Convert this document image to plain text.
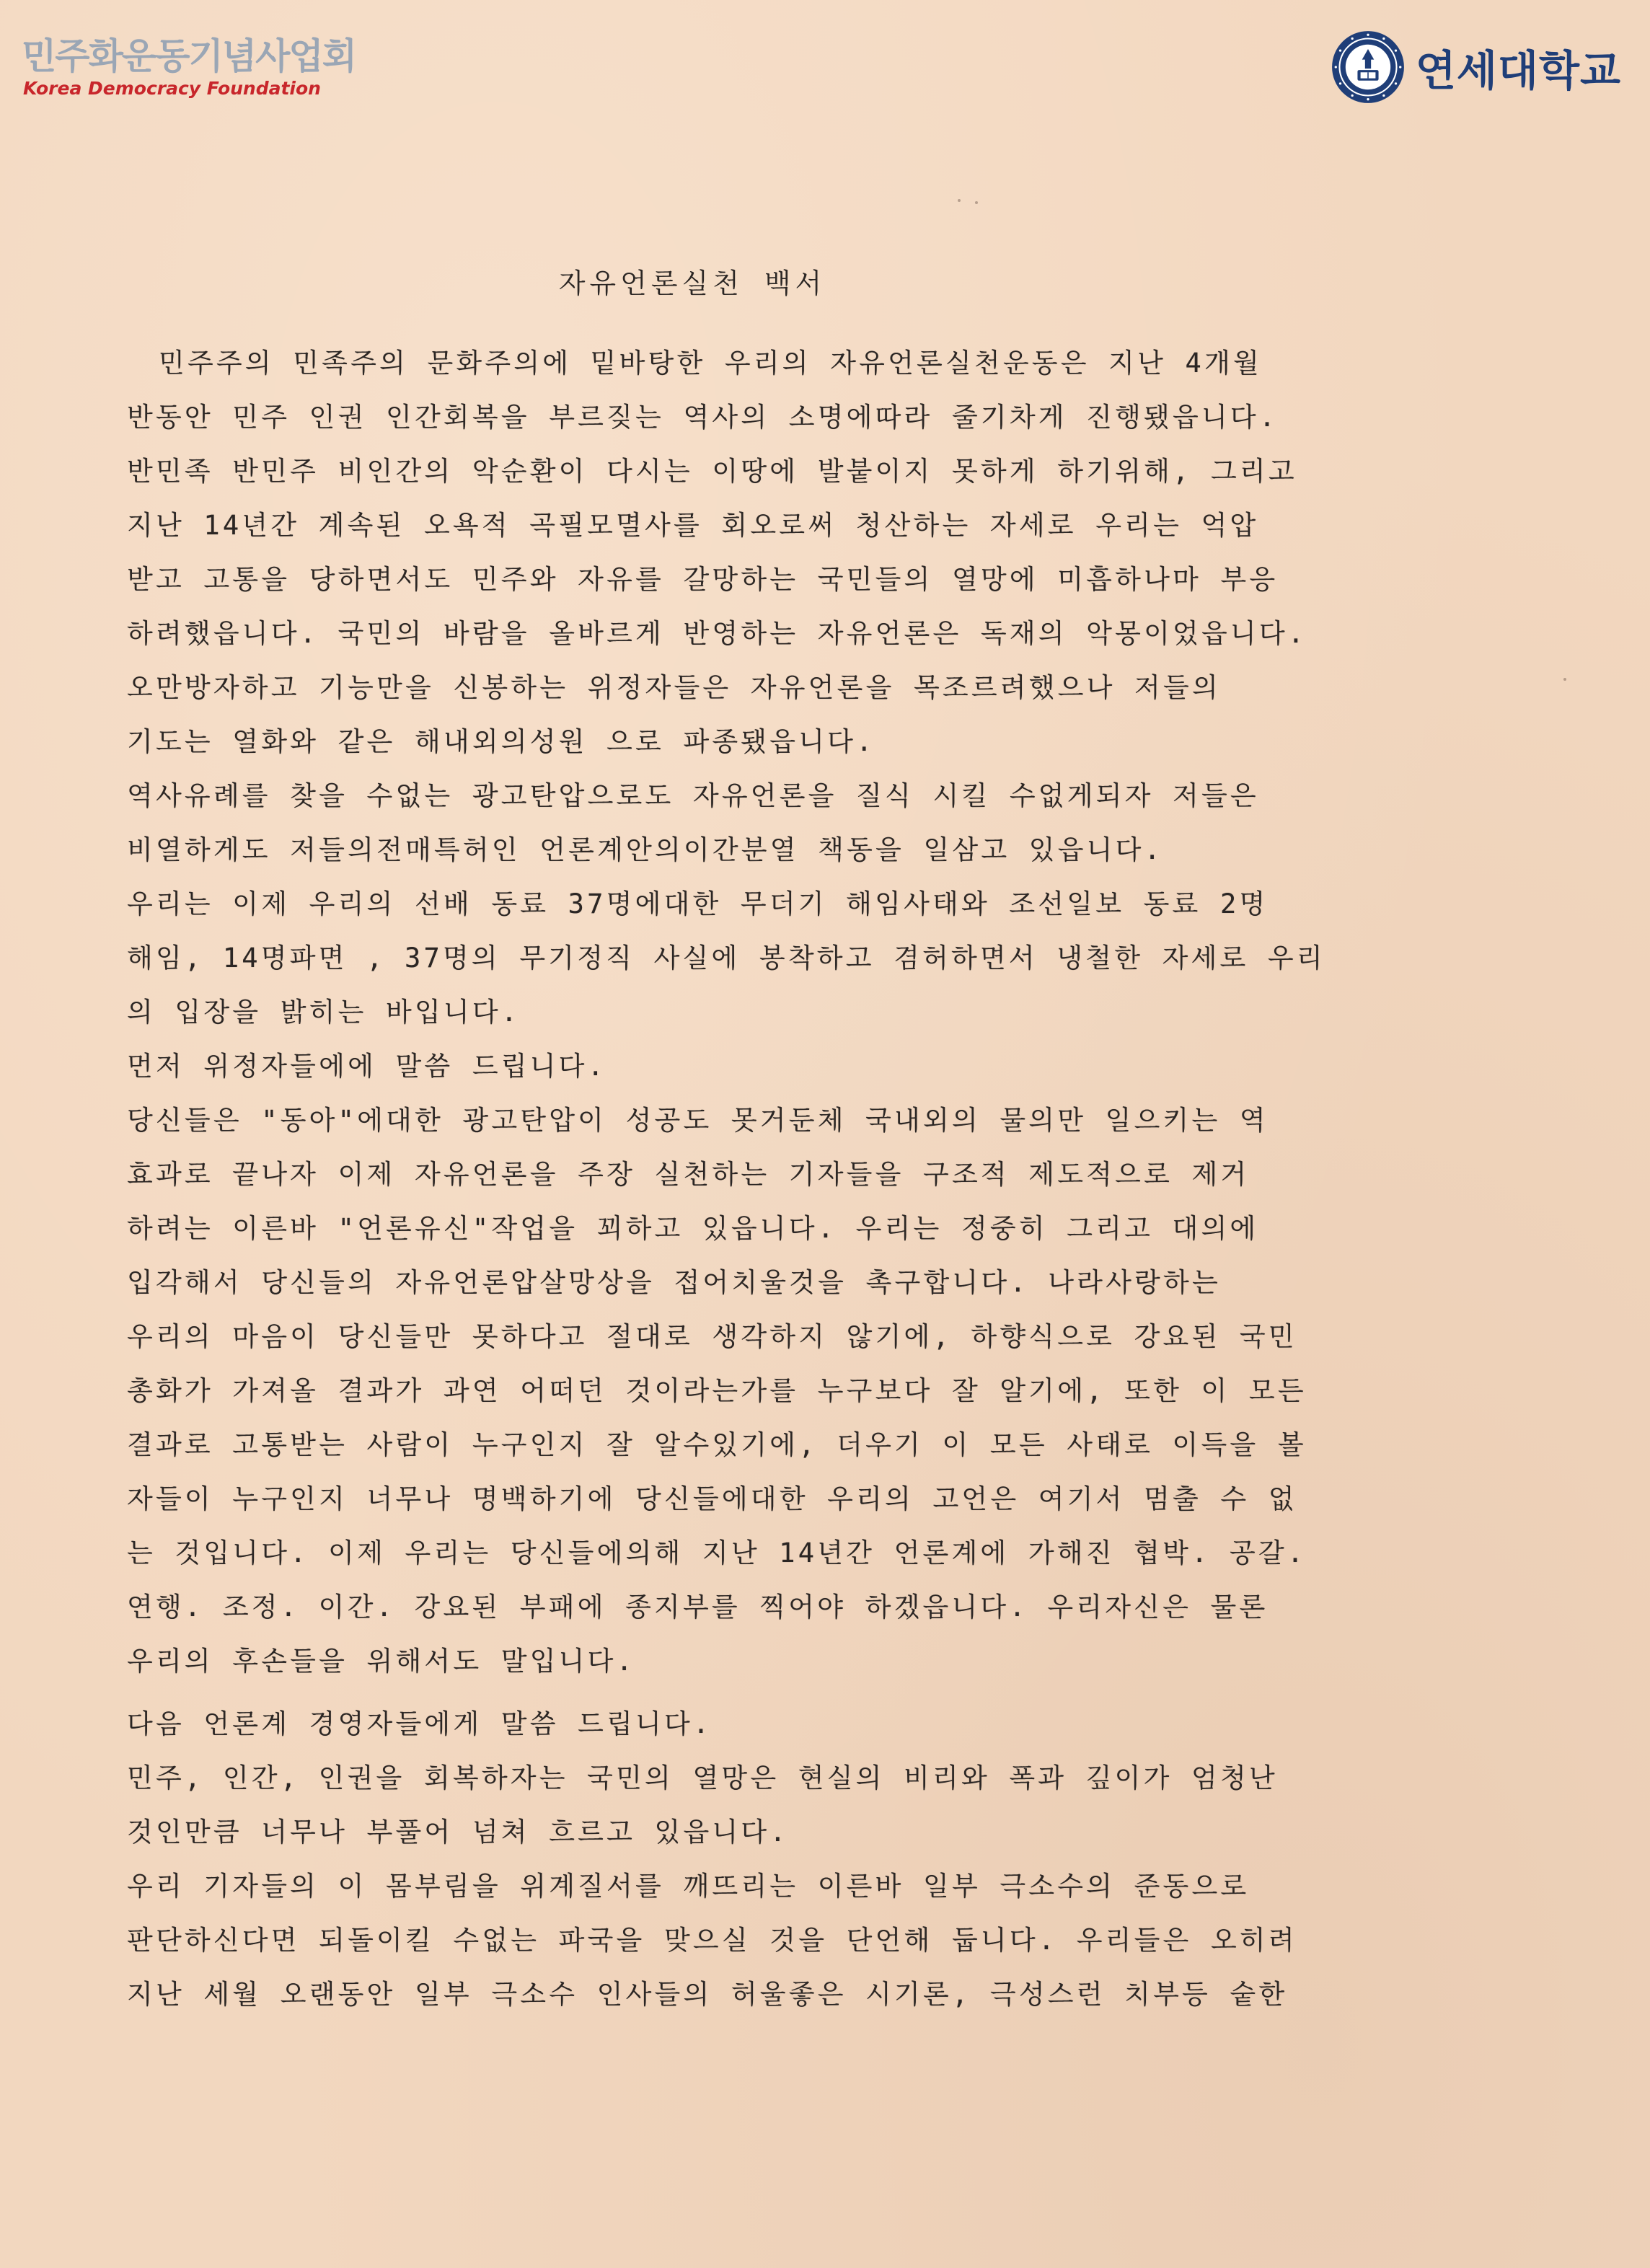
민주화운동기념사업회
Korea Democracy Foundation	연세대학교
자유언론실천 백서
민주주의 민족주의 문화주의에 밑바탕한 우리의 자유언론실천운동은 지난 4개월
반동안 민주 인권 인간회복을 부르짖는 역사의 소명에따라 줄기차게 진행됐읍니다.
반민족 반민주 비인간의 악순환이 다시는 이땅에 발붙이지 못하게 하기위해, 그리고
지난 14년간 계속된 오욕적 곡필모멸사를 회오로써 청산하는 자세로 우리는 억압
받고 고통을 당하면서도 민주와 자유를 갈망하는 국민들의 열망에 미흡하나마 부응
하려했읍니다. 국민의 바람을 올바르게 반영하는 자유언론은 독재의 악몽이었읍니다.
오만방자하고 기능만을 신봉하는 위정자들은 자유언론을 목조르려했으나 저들의
기도는 열화와 같은 해내외의성원 으로 파종됐읍니다.
역사유례를 찾을 수없는 광고탄압으로도 자유언론을 질식 시킬 수없게되자 저들은
비열하게도 저들의전매특허인 언론계안의이간분열 책동을 일삼고 있읍니다.
우리는 이제 우리의 선배 동료 37명에대한 무더기 해임사태와 조선일보 동료 2명
해임, 14명파면 , 37명의 무기정직 사실에 봉착하고 겸허하면서 냉철한 자세로 우리
의 입장을 밝히는 바입니다.
먼저 위정자들에에 말씀 드립니다.
당신들은 "동아"에대한 광고탄압이 성공도 못거둔체 국내외의 물의만 일으키는 역
효과로 끝나자 이제 자유언론을 주장 실천하는 기자들을 구조적 제도적으로 제거
하려는 이른바 "언론유신"작업을 꾀하고 있읍니다. 우리는 정중히 그리고 대의에
입각해서 당신들의 자유언론압살망상을 접어치울것을 촉구합니다. 나라사랑하는
우리의 마음이 당신들만 못하다고 절대로 생각하지 않기에, 하향식으로 강요된 국민
총화가 가져올 결과가 과연 어떠던 것이라는가를 누구보다 잘 알기에, 또한 이 모든
결과로 고통받는 사람이 누구인지 잘 알수있기에, 더우기 이 모든 사태로 이득을 볼
자들이 누구인지 너무나 명백하기에 당신들에대한 우리의 고언은 여기서 멈출 수 없
는 것입니다. 이제 우리는 당신들에의해 지난 14년간 언론계에 가해진 협박. 공갈.
연행. 조정. 이간. 강요된 부패에 종지부를 찍어야 하겠읍니다. 우리자신은 물론
우리의 후손들을 위해서도 말입니다.
다음 언론계 경영자들에게 말씀 드립니다.
민주, 인간, 인권을 회복하자는 국민의 열망은 현실의 비리와 폭과 깊이가 엄청난
것인만큼 너무나 부풀어 넘쳐 흐르고 있읍니다.
우리 기자들의 이 몸부림을 위계질서를 깨뜨리는 이른바 일부 극소수의 준동으로
판단하신다면 되돌이킬 수없는 파국을 맞으실 것을 단언해 둡니다. 우리들은 오히려
지난 세월 오랜동안 일부 극소수 인사들의 허울좋은 시기론, 극성스런 치부등 숱한
